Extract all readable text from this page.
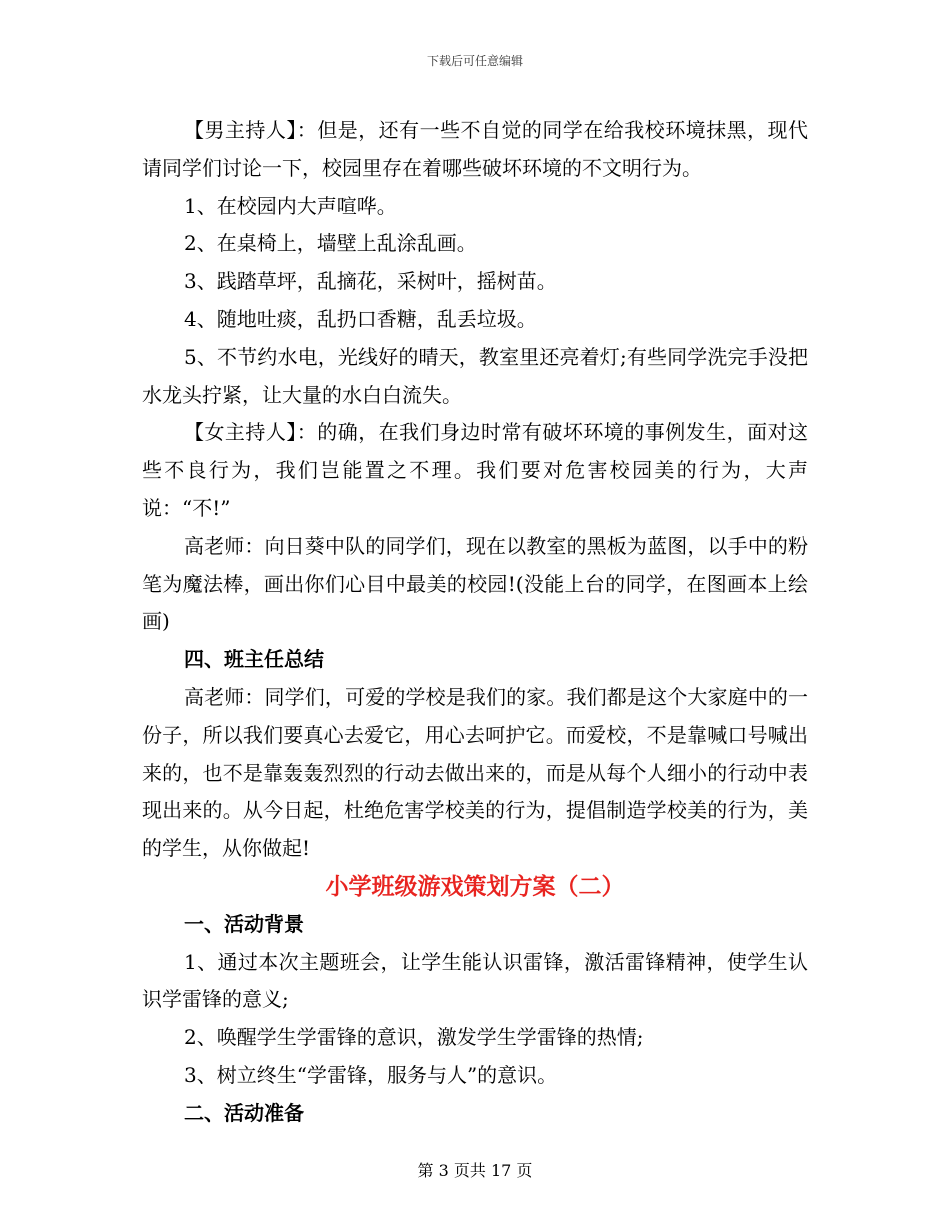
下载后可任意编辑

【男主持人】：但是，还有一些不自觉的同学在给我校环境抹黑，现代请同学们讨论一下，校园里存在着哪些破坏环境的不文明行为。

1、在校园内大声喧哗。

2、在桌椅上，墙壁上乱涂乱画。

3、践踏草坪，乱摘花，采树叶，摇树苗。

4、随地吐痰，乱扔口香糖，乱丢垃圾。

5、不节约水电，光线好的晴天，教室里还亮着灯;有些同学洗完手没把水龙头拧紧，让大量的水白白流失。

【女主持人】：的确，在我们身边时常有破坏环境的事例发生，面对这些不良行为，我们岂能置之不理。我们要对危害校园美的行为，大声说：“不!”

高老师：向日葵中队的同学们，现在以教室的黑板为蓝图，以手中的粉笔为魔法棒，画出你们心目中最美的校园!(没能上台的同学，在图画本上绘画)

四、班主任总结

高老师：同学们，可爱的学校是我们的家。我们都是这个大家庭中的一份子，所以我们要真心去爱它，用心去呵护它。而爱校，不是靠喊口号喊出来的，也不是靠轰轰烈烈的行动去做出来的，而是从每个人细小的行动中表现出来的。从今日起，杜绝危害学校美的行为，提倡制造学校美的行为，美的学生，从你做起!

小学班级游戏策划方案（二）

一、活动背景

1、通过本次主题班会，让学生能认识雷锋，激活雷锋精神，使学生认识学雷锋的意义;

2、唤醒学生学雷锋的意识，激发学生学雷锋的热情;

3、树立终生“学雷锋，服务与人”的意识。

二、活动准备

第 3 页共 17 页
